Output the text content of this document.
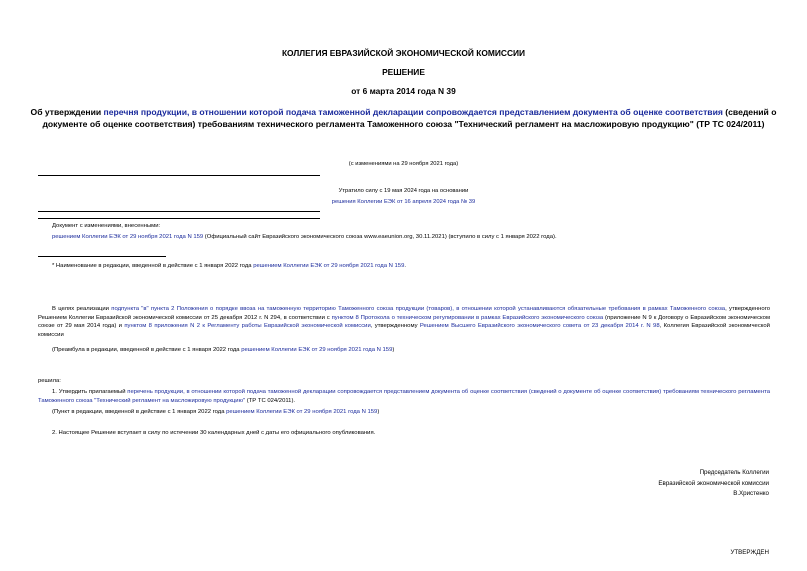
КОЛЛЕГИЯ ЕВРАЗИЙСКОЙ ЭКОНОМИЧЕСКОЙ КОМИССИИ
РЕШЕНИЕ
от 6 марта 2014 года N 39
Об утверждении перечня продукции, в отношении которой подача таможенной декларации сопровождается представлением документа об оценке соответствия (сведений о документе об оценке соответствия) требованиям технического регламента Таможенного союза "Технический регламент на масложировую продукцию" (ТР ТС 024/2011)
(с изменениями на 29 ноября 2021 года)
Утратило силу с 19 мая 2024 года на основании
решения Коллегии ЕЭК от 16 апреля 2024 года № 39
Документ с изменениями, внесенными:
решением Коллегии ЕЭК от 29 ноября 2021 года N 159 (Официальный сайт Евразийского экономического союза www.eaeunion.org, 30.11.2021) (вступило в силу с 1 января 2022 года).
* Наименование в редакции, введенной в действие с 1 января 2022 года решением Коллегии ЕЭК от 29 ноября 2021 года N 159.
В целях реализации подпункта "в" пункта 2 Положения о порядке ввоза на таможенную территорию Таможенного союза продукции (товаров), в отношении которой устанавливаются обязательные требования в рамках Таможенного союза, утвержденного Решением Коллегии Евразийской экономической комиссии от 25 декабря 2012 г. N 294, в соответствии с пунктом 8 Протокола о техническом регулировании в рамках Евразийского экономического союза (приложение N 9 к Договору о Евразийском экономическом союзе от 29 мая 2014 года) и пунктом 8 приложения N 2 к Регламенту работы Евразийской экономической комиссии, утвержденному Решением Высшего Евразийского экономического совета от 23 декабря 2014 г. N 98, Коллегия Евразийской экономической комиссии
(Преамбула в редакции, введенной в действие с 1 января 2022 года решением Коллегии ЕЭК от 29 ноября 2021 года N 159)
решила:
1. Утвердить прилагаемый перечень продукции, в отношении которой подача таможенной декларации сопровождается представлением документа об оценке соответствия (сведений о документе об оценке соответствия) требованиям технического регламента Таможенного союза "Технический регламент на масложировую продукцию" (ТР ТС 024/2011).
(Пункт в редакции, введенной в действие с 1 января 2022 года решением Коллегии ЕЭК от 29 ноября 2021 года N 159)
2. Настоящее Решение вступает в силу по истечении 30 календарных дней с даты его официального опубликования.
Председатель Коллегии
Евразийской экономической комиссии
В.Христенко
УТВЕРЖДЕН
